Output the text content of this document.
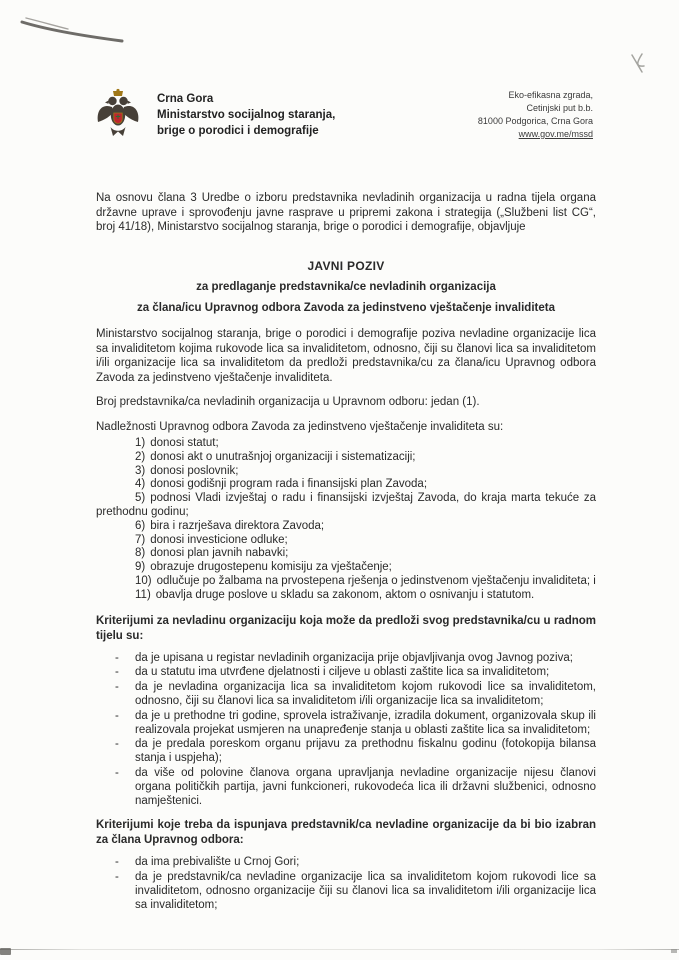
Crna Gora
Ministarstvo socijalnog staranja,
brige o porodici i demografije
Eko-efikasna zgrada,
Cetinjski put b.b.
81000 Podgorica, Crna Gora
www.gov.me/mssd

Na osnovu člana 3 Uredbe o izboru predstavnika nevladinih organizacija u radna tijela organa državne uprave i sprovođenju javne rasprave u pripremi zakona i strategija („Službeni list CG“, broj 41/18), Ministarstvo socijalnog staranja, brige o porodici i demografije, objavljuje

JAVNI POZIV
za predlaganje predstavnika/ce nevladinih organizacija
za člana/icu Upravnog odbora Zavoda za jedinstveno vještačenje invaliditeta

Ministarstvo socijalnog staranja, brige o porodici i demografije poziva nevladine organizacije lica sa invaliditetom kojima rukovode lica sa invaliditetom, odnosno, čiji su članovi lica sa invaliditetom i/ili organizacije lica sa invaliditetom da predloži predstavnika/cu za člana/icu Upravnog odbora Zavoda za jedinstveno vještačenje invaliditeta.

Broj predstavnika/ca nevladinih organizacija u Upravnom odboru: jedan (1).

Nadležnosti Upravnog odbora Zavoda za jedinstveno vještačenje invaliditeta su:

1) donosi statut;
2) donosi akt o unutrašnjoj organizaciji i sistematizaciji;
3) donosi poslovnik;
4) donosi godišnji program rada i finansijski plan Zavoda;
5) podnosi Vladi izvještaj o radu i finansijski izvještaj Zavoda, do kraja marta tekuće za prethodnu godinu;
6) bira i razrješava direktora Zavoda;
7) donosi investicione odluke;
8) donosi plan javnih nabavki;
9) obrazuje drugostepenu komisiju za vještačenje;
10) odlučuje po žalbama na prvostepena rješenja o jedinstvenom vještačenju invaliditeta; i
11) obavlja druge poslove u skladu sa zakonom, aktom o osnivanju i statutom.
Kriterijumi za nevladinu organizaciju koja može da predloži svog predstavnika/cu u radnom tijelu su:
-	da je upisana u registar nevladinih organizacija prije objavljivanja ovog Javnog poziva;
-	da u statutu ima utvrđene djelatnosti i ciljeve u oblasti zaštite lica sa invaliditetom;
-	da je nevladina organizacija lica sa invaliditetom kojom rukovodi lice sa invaliditetom, odnosno, čiji su članovi lica sa invaliditetom i/ili organizacije lica sa invaliditetom;
-	da je u prethodne tri godine, sprovela istraživanje, izradila dokument, organizovala skup ili realizovala projekat usmjeren na unapređenje stanja u oblasti zaštite lica sa invaliditetom;
-	da je predala poreskom organu prijavu za prethodnu fiskalnu godinu (fotokopija bilansa stanja i uspjeha);
-	da više od polovine članova organa upravljanja nevladine organizacije nijesu članovi organa političkih partija, javni funkcioneri, rukovodeća lica ili državni službenici, odnosno namještenici.
Kriterijumi koje treba da ispunjava predstavnik/ca nevladine organizacije da bi bio izabran za člana Upravnog odbora:
-	da ima prebivalište u Crnoj Gori;
-	da je predstavnik/ca nevladine organizacije lica sa invaliditetom kojom rukovodi lice sa invaliditetom, odnosno organizacije čiji su članovi lica sa invaliditetom i/ili organizacije lica sa invaliditetom;
